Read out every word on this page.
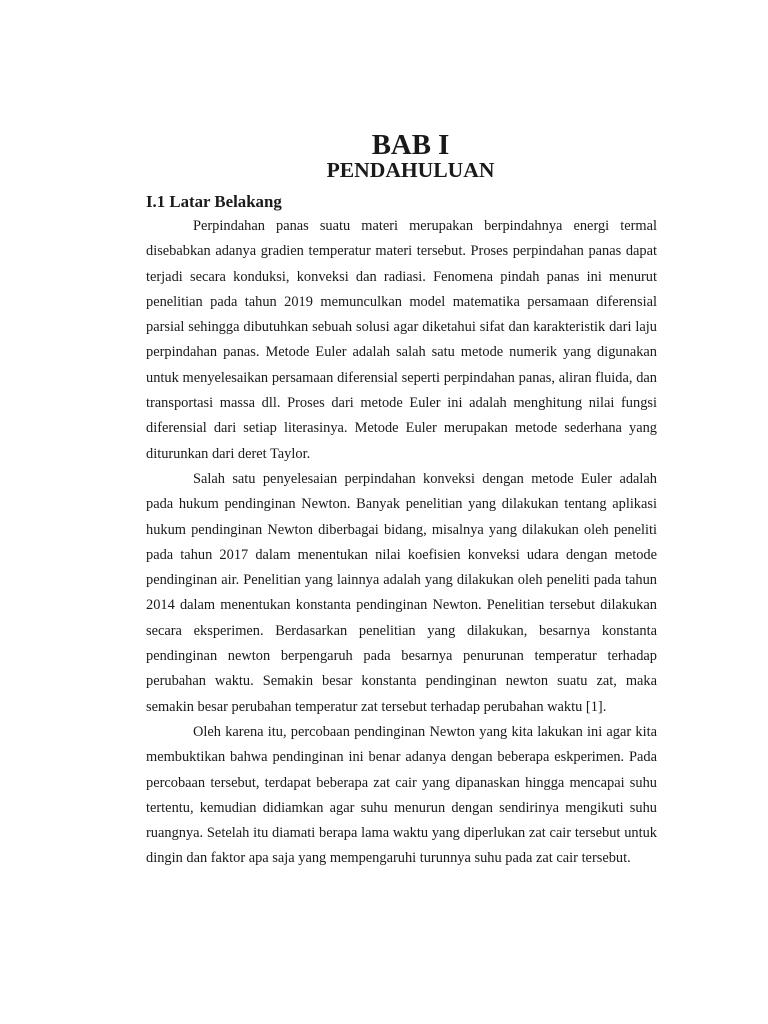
BAB I
PENDAHULUAN
I.1 Latar Belakang

Perpindahan panas suatu materi merupakan berpindahnya energi termal disebabkan adanya gradien temperatur materi tersebut. Proses perpindahan panas dapat terjadi secara konduksi, konveksi dan radiasi. Fenomena pindah panas ini menurut penelitian pada tahun 2019 memunculkan model matematika persamaan diferensial parsial sehingga dibutuhkan sebuah solusi agar diketahui sifat dan karakteristik dari laju perpindahan panas. Metode Euler adalah salah satu metode numerik yang digunakan untuk menyelesaikan persamaan diferensial seperti perpindahan panas, aliran fluida, dan transportasi massa dll. Proses dari metode Euler ini adalah menghitung nilai fungsi diferensial dari setiap literasinya. Metode Euler merupakan metode sederhana yang diturunkan dari deret Taylor.

Salah satu penyelesaian perpindahan konveksi dengan metode Euler adalah pada hukum pendinginan Newton. Banyak penelitian yang dilakukan tentang aplikasi hukum pendinginan Newton diberbagai bidang, misalnya yang dilakukan oleh peneliti pada tahun 2017 dalam menentukan nilai koefisien konveksi udara dengan metode pendinginan air. Penelitian yang lainnya adalah yang dilakukan oleh peneliti pada tahun 2014 dalam menentukan konstanta pendinginan Newton. Penelitian tersebut dilakukan secara eksperimen. Berdasarkan penelitian yang dilakukan, besarnya konstanta pendinginan newton berpengaruh pada besarnya penurunan temperatur terhadap perubahan waktu. Semakin besar konstanta pendinginan newton suatu zat, maka semakin besar perubahan temperatur zat tersebut terhadap perubahan waktu [1].

Oleh karena itu, percobaan pendinginan Newton yang kita lakukan ini agar kita membuktikan bahwa pendinginan ini benar adanya dengan beberapa eskperimen. Pada percobaan tersebut, terdapat beberapa zat cair yang dipanaskan hingga mencapai suhu tertentu, kemudian didiamkan agar suhu menurun dengan sendirinya mengikuti suhu ruangnya. Setelah itu diamati berapa lama waktu yang diperlukan zat cair tersebut untuk dingin dan faktor apa saja yang mempengaruhi turunnya suhu pada zat cair tersebut.
